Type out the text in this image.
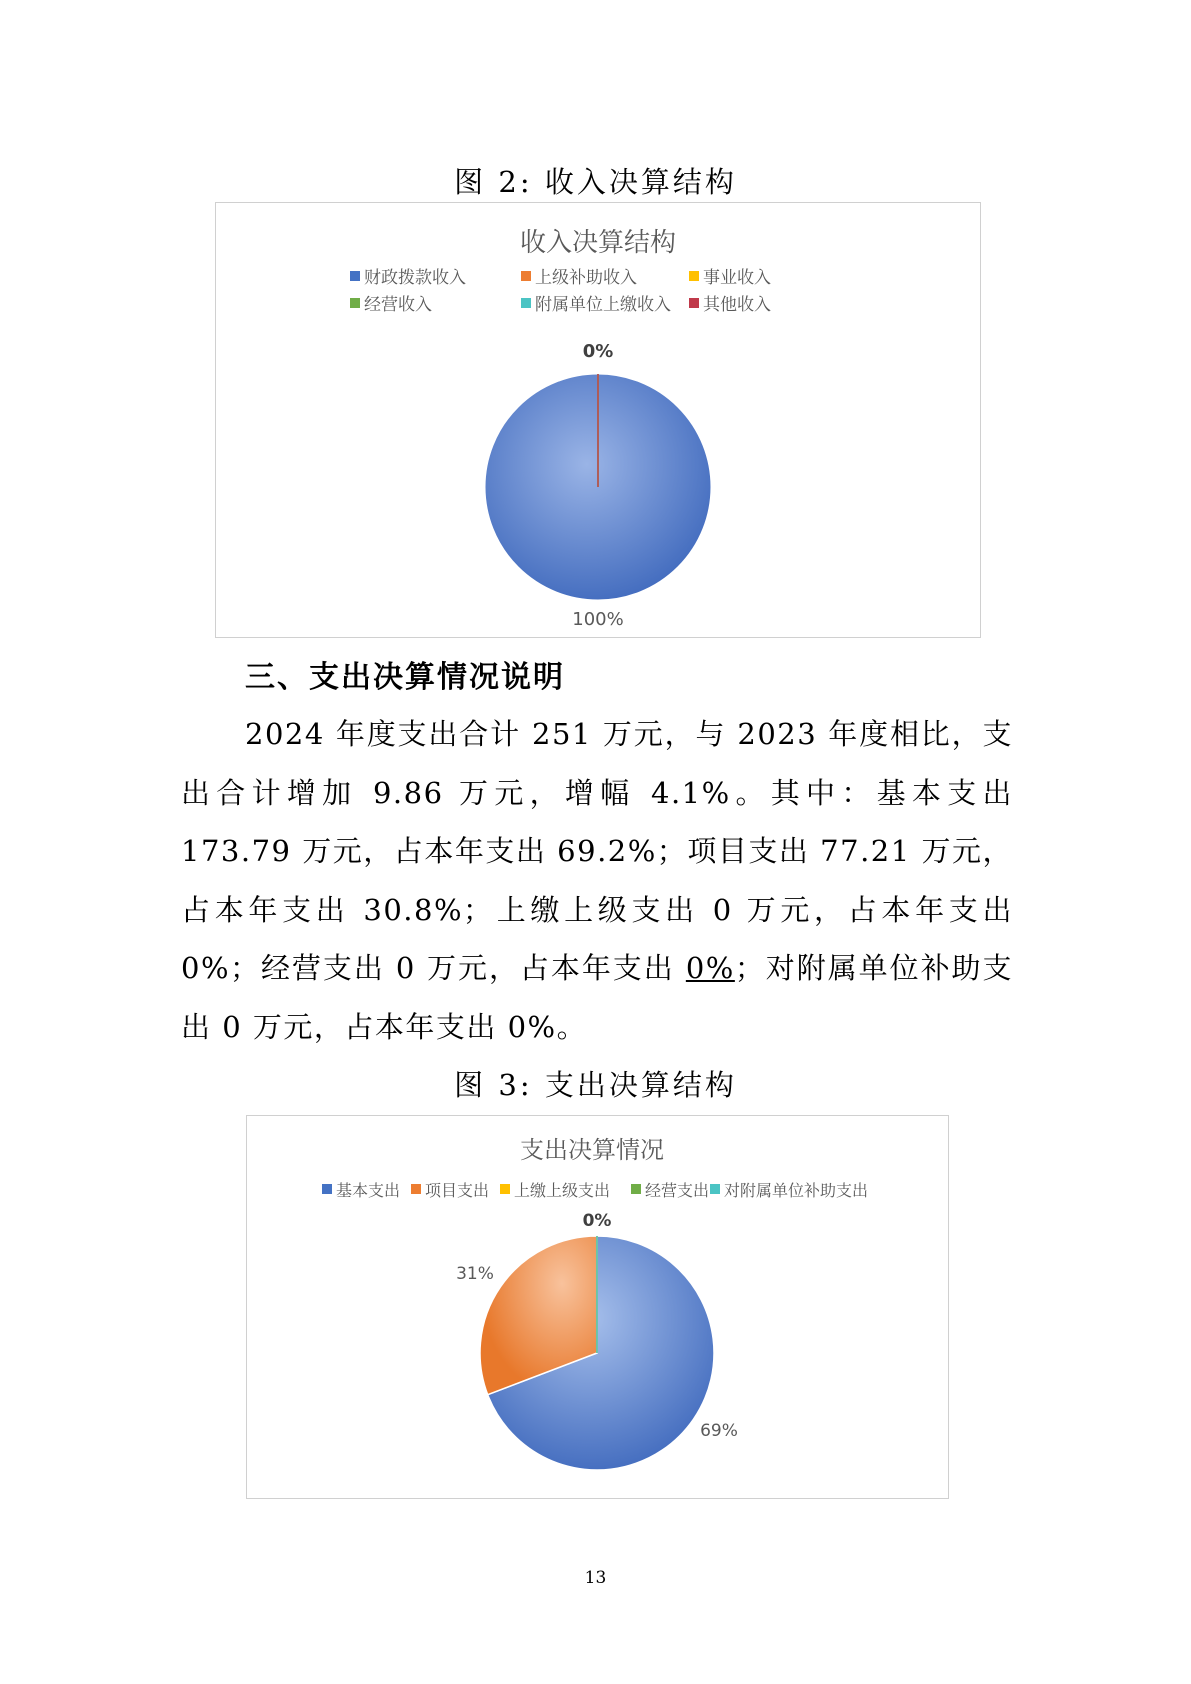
图 2: 收入决算结构
收入决算结构
财政拨款收入	上级补助收入	事业收入
经营收入	附属单位上缴收入 其他收入
100%
0%
三、支出决算情况说明

2024 年度支出合计 251 万元，与 2023 年度相比，支出合计增加 9.86 万元，增幅 4.1%。其中：基本支出 173.79 万元，占本年支出 69.2%；项目支出 77.21 万元，占本年支出 30.8%；上缴上级支出 0 万元，占本年支出 0%；经营支出 0 万元，占本年支出 0%；对附属单位补助支出 0 万元，占本年支出 0%。

图 3: 支出决算结构
支出决算情况
基本支出 项目支出 上缴上级支出 经营支出 对附属单位补助支出
69%
31%
0%
13
